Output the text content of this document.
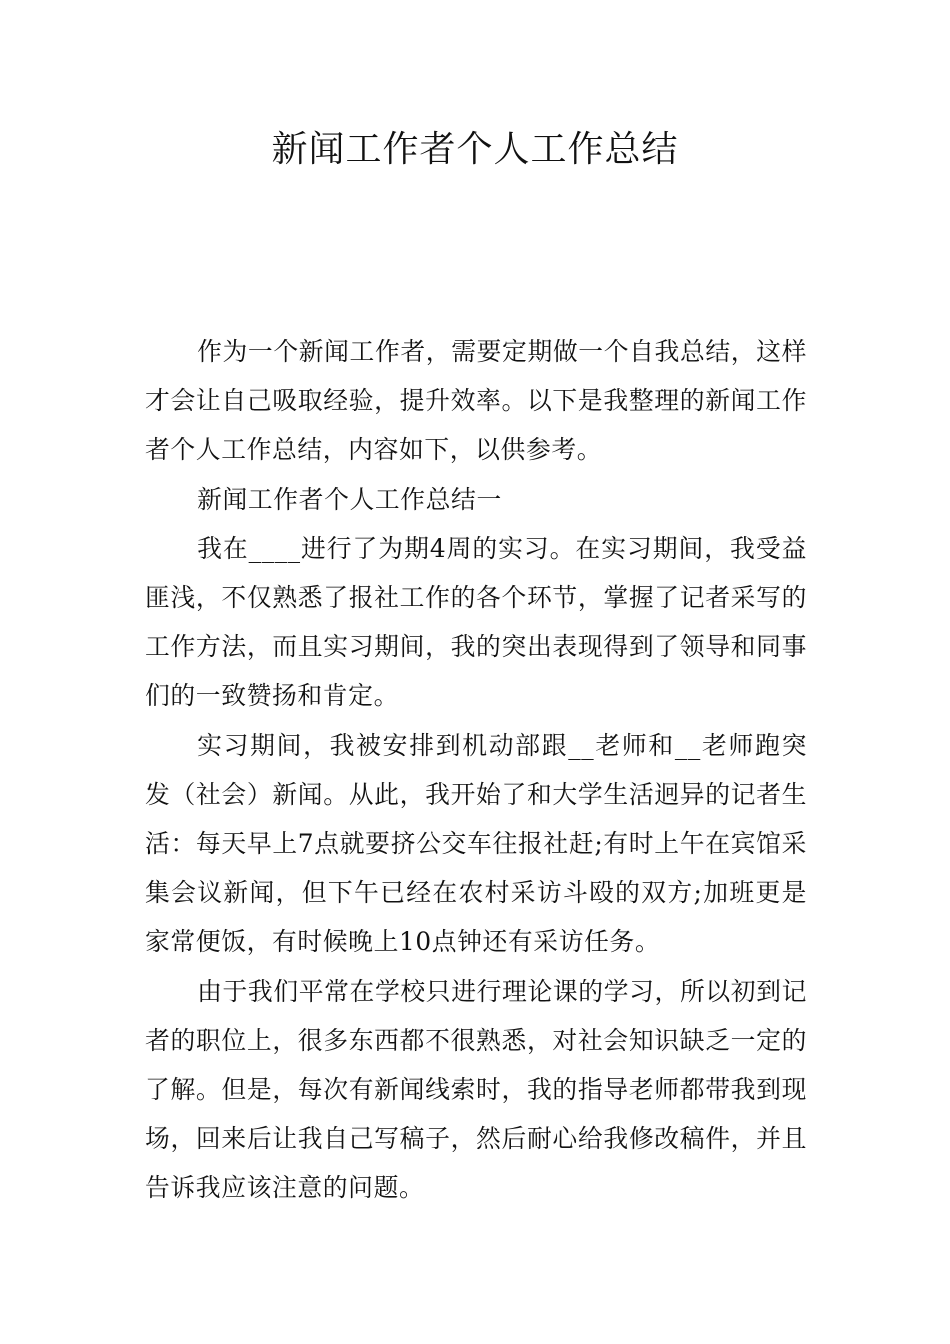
新闻工作者个人工作总结

作为一个新闻工作者，需要定期做一个自我总结，这样才会让自己吸取经验，提升效率。以下是我整理的新闻工作者个人工作总结，内容如下，以供参考。

新闻工作者个人工作总结一

我在____进行了为期4周的实习。在实习期间，我受益匪浅，不仅熟悉了报社工作的各个环节，掌握了记者采写的工作方法，而且实习期间，我的突出表现得到了领导和同事们的一致赞扬和肯定。

实习期间，我被安排到机动部跟__老师和__老师跑突发（社会）新闻。从此，我开始了和大学生活迥异的记者生活：每天早上7点就要挤公交车往报社赶;有时上午在宾馆采集会议新闻，但下午已经在农村采访斗殴的双方;加班更是家常便饭，有时候晚上10点钟还有采访任务。

由于我们平常在学校只进行理论课的学习，所以初到记者的职位上，很多东西都不很熟悉，对社会知识缺乏一定的了解。但是，每次有新闻线索时，我的指导老师都带我到现场，回来后让我自己写稿子，然后耐心给我修改稿件，并且告诉我应该注意的问题。
